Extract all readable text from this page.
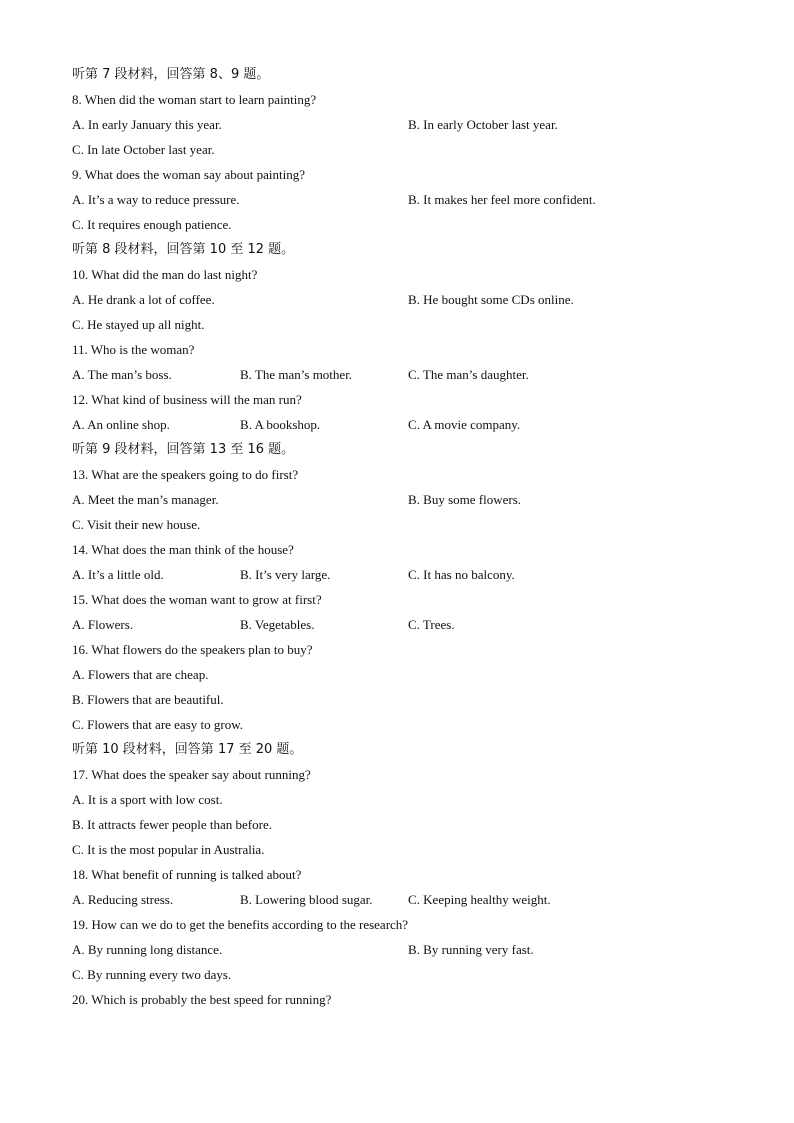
听第 7 段材料，回答第 8、9 题。
8. When did the woman start to learn painting?
A. In early January this year.	B. In early October last year.
C. In late October last year.
9. What does the woman say about painting?
A. It’s a way to reduce pressure.	B. It makes her feel more confident.
C. It requires enough patience.
听第 8 段材料，回答第 10 至 12 题。
10. What did the man do last night?
A. He drank a lot of coffee.	B. He bought some CDs online.
C. He stayed up all night.
11. Who is the woman?
A. The man’s boss.	B. The man’s mother.	C. The man’s daughter.
12. What kind of business will the man run?
A. An online shop.	B. A bookshop.	C. A movie company.
听第 9 段材料，回答第 13 至 16 题。
13. What are the speakers going to do first?
A. Meet the man’s manager.	B. Buy some flowers.
C. Visit their new house.
14. What does the man think of the house?
A. It’s a little old.	B. It’s very large.	C. It has no balcony.
15. What does the woman want to grow at first?
A. Flowers.	B. Vegetables.	C. Trees.
16. What flowers do the speakers plan to buy?
A. Flowers that are cheap.
B. Flowers that are beautiful.
C. Flowers that are easy to grow.
听第 10 段材料，回答第 17 至 20 题。
17. What does the speaker say about running?
A. It is a sport with low cost.
B. It attracts fewer people than before.
C. It is the most popular in Australia.
18. What benefit of running is talked about?
A. Reducing stress.	B. Lowering blood sugar.	C. Keeping healthy weight.
19. How can we do to get the benefits according to the research?
A. By running long distance.	B. By running very fast.
C. By running every two days.
20. Which is probably the best speed for running?
